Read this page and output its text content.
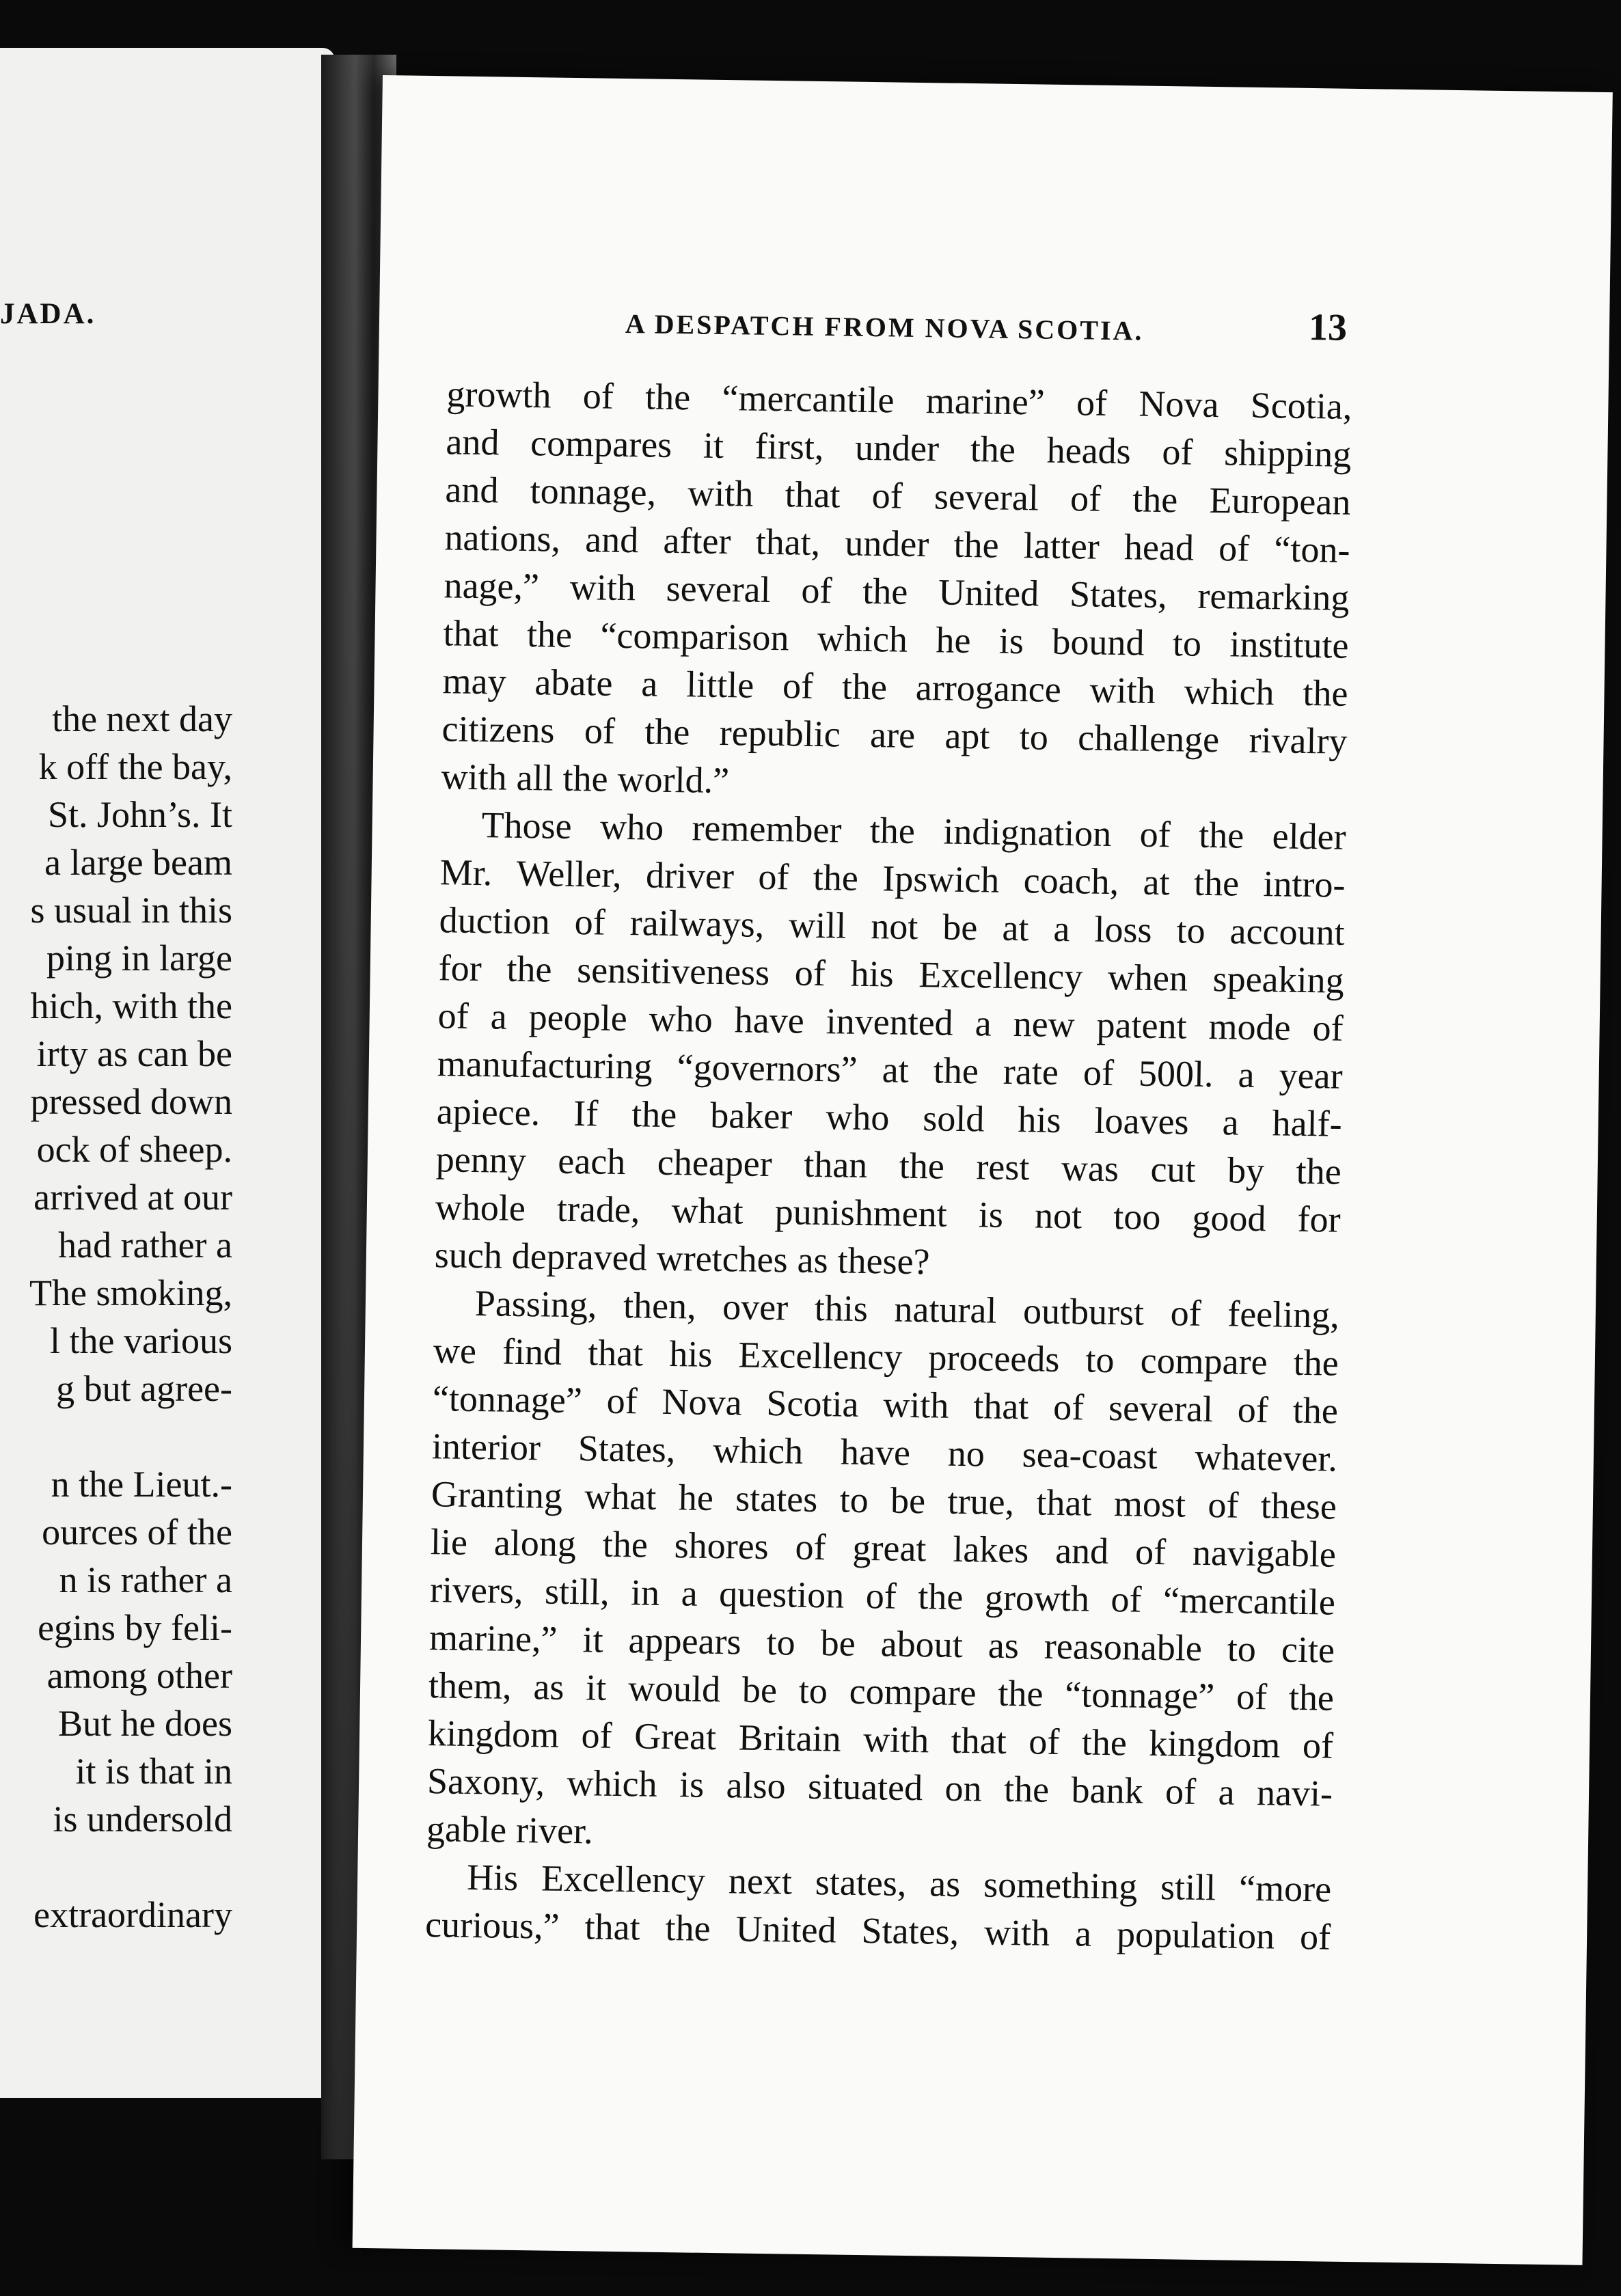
JADA.
the next day
k off the bay,
St. John’s. It
a large beam
s usual in this
ping in large
hich, with the
irty as can be
pressed down
ock of sheep.
arrived at our
had rather a
The smoking,
l the various
g but agree-
n the Lieut.-
ources of the
n is rather a
egins by feli-
among other
But he does
it is that in
is undersold
extraordinary
A DESPATCH FROM NOVA SCOTIA.	13
growth of the “mercantile marine” of Nova Scotia,
and compares it first, under the heads of shipping
and tonnage, with that of several of the European
nations, and after that, under the latter head of “ton-
nage,” with several of the United States, remarking
that the “comparison which he is bound to institute
may abate a little of the arrogance with which the
citizens of the republic are apt to challenge rivalry
with all the world.”
Those who remember the indignation of the elder
Mr. Weller, driver of the Ipswich coach, at the intro-
duction of railways, will not be at a loss to account
for the sensitiveness of his Excellency when speaking
of a people who have invented a new patent mode of
manufacturing “governors” at the rate of 500l. a year
apiece. If the baker who sold his loaves a half-
penny each cheaper than the rest was cut by the
whole trade, what punishment is not too good for
such depraved wretches as these?
Passing, then, over this natural outburst of feeling,
we find that his Excellency proceeds to compare the
“tonnage” of Nova Scotia with that of several of the
interior States, which have no sea-coast whatever.
Granting what he states to be true, that most of these
lie along the shores of great lakes and of navigable
rivers, still, in a question of the growth of “mercantile
marine,” it appears to be about as reasonable to cite
them, as it would be to compare the “tonnage” of the
kingdom of Great Britain with that of the kingdom of
Saxony, which is also situated on the bank of a navi-
gable river.
His Excellency next states, as something still “more
curious,” that the United States, with a population of
